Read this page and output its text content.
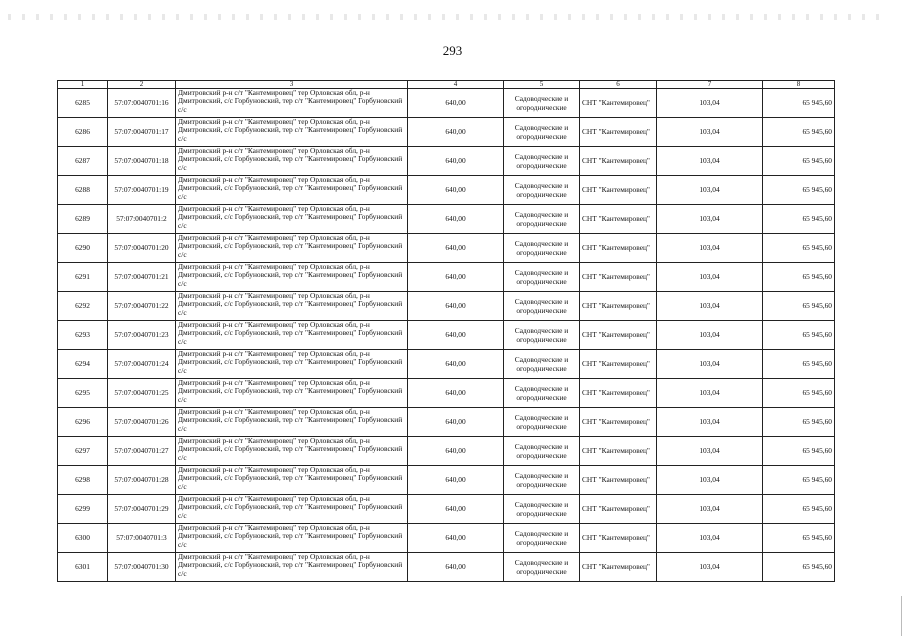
293
1	2	3	4	5	6	7	8
6285	57:07:0040701:16	Дмитровский р-н с/т "Кантемировец" тер Орловская обл, р-н Дмитровский, с/с Горбуновский, тер с/т "Кантемировец" Горбуновский с/с	640,00	Садоводческие и огороднические	СНТ "Кантемировец"	103,04	65 945,60
6286	57:07:0040701:17	Дмитровский р-н с/т "Кантемировец" тер Орловская обл, р-н Дмитровский, с/с Горбуновский, тер с/т "Кантемировец" Горбуновский с/с	640,00	Садоводческие и огороднические	СНТ "Кантемировец"	103,04	65 945,60
6287	57:07:0040701:18	Дмитровский р-н с/т "Кантемировец" тер Орловская обл, р-н Дмитровский, с/с Горбуновский, тер с/т "Кантемировец" Горбуновский с/с	640,00	Садоводческие и огороднические	СНТ "Кантемировец"	103,04	65 945,60
6288	57:07:0040701:19	Дмитровский р-н с/т "Кантемировец" тер Орловская обл, р-н Дмитровский, с/с Горбуновский, тер с/т "Кантемировец" Горбуновский с/с	640,00	Садоводческие и огороднические	СНТ "Кантемировец"	103,04	65 945,60
6289	57:07:0040701:2	Дмитровский р-н с/т "Кантемировец" тер Орловская обл, р-н Дмитровский, с/с Горбуновский, тер с/т "Кантемировец" Горбуновский с/с	640,00	Садоводческие и огороднические	СНТ "Кантемировец"	103,04	65 945,60
6290	57:07:0040701:20	Дмитровский р-н с/т "Кантемировец" тер Орловская обл, р-н Дмитровский, с/с Горбуновский, тер с/т "Кантемировец" Горбуновский с/с	640,00	Садоводческие и огороднические	СНТ "Кантемировец"	103,04	65 945,60
6291	57:07:0040701:21	Дмитровский р-н с/т "Кантемировец" тер Орловская обл, р-н Дмитровский, с/с Горбуновский, тер с/т "Кантемировец" Горбуновский с/с	640,00	Садоводческие и огороднические	СНТ "Кантемировец"	103,04	65 945,60
6292	57:07:0040701:22	Дмитровский р-н с/т "Кантемировец" тер Орловская обл, р-н Дмитровский, с/с Горбуновский, тер с/т "Кантемировец" Горбуновский с/с	640,00	Садоводческие и огороднические	СНТ "Кантемировец"	103,04	65 945,60
6293	57:07:0040701:23	Дмитровский р-н с/т "Кантемировец" тер Орловская обл, р-н Дмитровский, с/с Горбуновский, тер с/т "Кантемировец" Горбуновский с/с	640,00	Садоводческие и огороднические	СНТ "Кантемировец"	103,04	65 945,60
6294	57:07:0040701:24	Дмитровский р-н с/т "Кантемировец" тер Орловская обл, р-н Дмитровский, с/с Горбуновский, тер с/т "Кантемировец" Горбуновский с/с	640,00	Садоводческие и огороднические	СНТ "Кантемировец"	103,04	65 945,60
6295	57:07:0040701:25	Дмитровский р-н с/т "Кантемировец" тер Орловская обл, р-н Дмитровский, с/с Горбуновский, тер с/т "Кантемировец" Горбуновский с/с	640,00	Садоводческие и огороднические	СНТ "Кантемировец"	103,04	65 945,60
6296	57:07:0040701:26	Дмитровский р-н с/т "Кантемировец" тер Орловская обл, р-н Дмитровский, с/с Горбуновский, тер с/т "Кантемировец" Горбуновский с/с	640,00	Садоводческие и огороднические	СНТ "Кантемировец"	103,04	65 945,60
6297	57:07:0040701:27	Дмитровский р-н с/т "Кантемировец" тер Орловская обл, р-н Дмитровский, с/с Горбуновский, тер с/т "Кантемировец" Горбуновский с/с	640,00	Садоводческие и огороднические	СНТ "Кантемировец"	103,04	65 945,60
6298	57:07:0040701:28	Дмитровский р-н с/т "Кантемировец" тер Орловская обл, р-н Дмитровский, с/с Горбуновский, тер с/т "Кантемировец" Горбуновский с/с	640,00	Садоводческие и огороднические	СНТ "Кантемировец"	103,04	65 945,60
6299	57:07:0040701:29	Дмитровский р-н с/т "Кантемировец" тер Орловская обл, р-н Дмитровский, с/с Горбуновский, тер с/т "Кантемировец" Горбуновский с/с	640,00	Садоводческие и огороднические	СНТ "Кантемировец"	103,04	65 945,60
6300	57:07:0040701:3	Дмитровский р-н с/т "Кантемировец" тер Орловская обл, р-н Дмитровский, с/с Горбуновский, тер с/т "Кантемировец" Горбуновский с/с	640,00	Садоводческие и огороднические	СНТ "Кантемировец"	103,04	65 945,60
6301	57:07:0040701:30	Дмитровский р-н с/т "Кантемировец" тер Орловская обл, р-н Дмитровский, с/с Горбуновский, тер с/т "Кантемировец" Горбуновский с/с	640,00	Садоводческие и огороднические	СНТ "Кантемировец"	103,04	65 945,60
